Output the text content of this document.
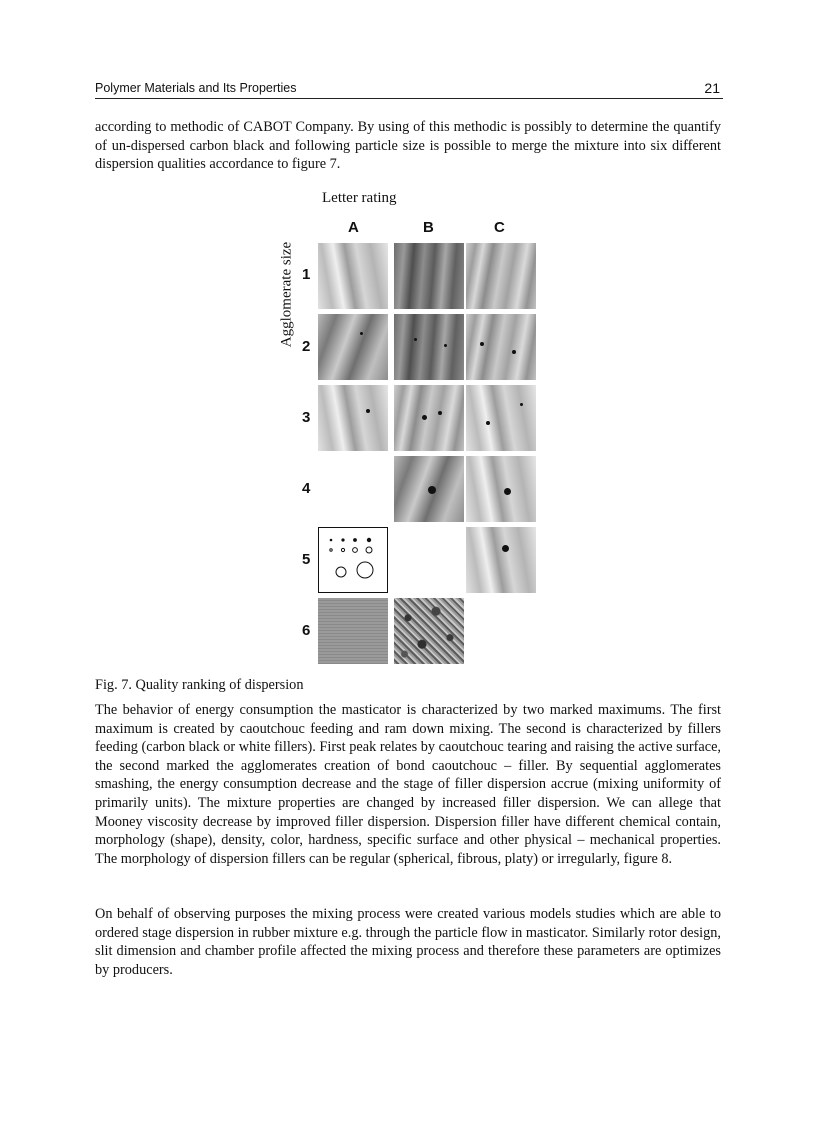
Polymer Materials and Its Properties	21

according to methodic of CABOT Company. By using of this methodic is possibly to determine the quantify of un-dispersed carbon black and following particle size is possible to merge the mixture into six different dispersion qualities accordance to figure 7.

Letter rating
Agglomerate size
A	B	C
1
2
3
4
5
6
Fig. 7. Quality ranking of dispersion

The behavior of energy consumption the masticator is characterized by two marked maximums. The first maximum is created by caoutchouc feeding and ram down mixing. The second is characterized by fillers feeding (carbon black or white fillers). First peak relates by caoutchouc tearing and raising the active surface, the second marked the agglomerates creation of bond caoutchouc – filler. By sequential agglomerates smashing, the energy consumption decrease and the stage of filler dispersion accrue (mixing uniformity of primarily units). The mixture properties are changed by increased filler dispersion. We can allege that Mooney viscosity decrease by improved filler dispersion. Dispersion filler have different chemical contain, morphology (shape), density, color, hardness, specific surface and other physical – mechanical properties. The morphology of dispersion fillers can be regular (spherical, fibrous, platy) or irregularly, figure 8.

On behalf of observing purposes the mixing process were created various models studies which are able to ordered stage dispersion in rubber mixture e.g. through the particle flow in masticator. Similarly rotor design, slit dimension and chamber profile affected the mixing process and therefore these parameters are optimizes by producers.
